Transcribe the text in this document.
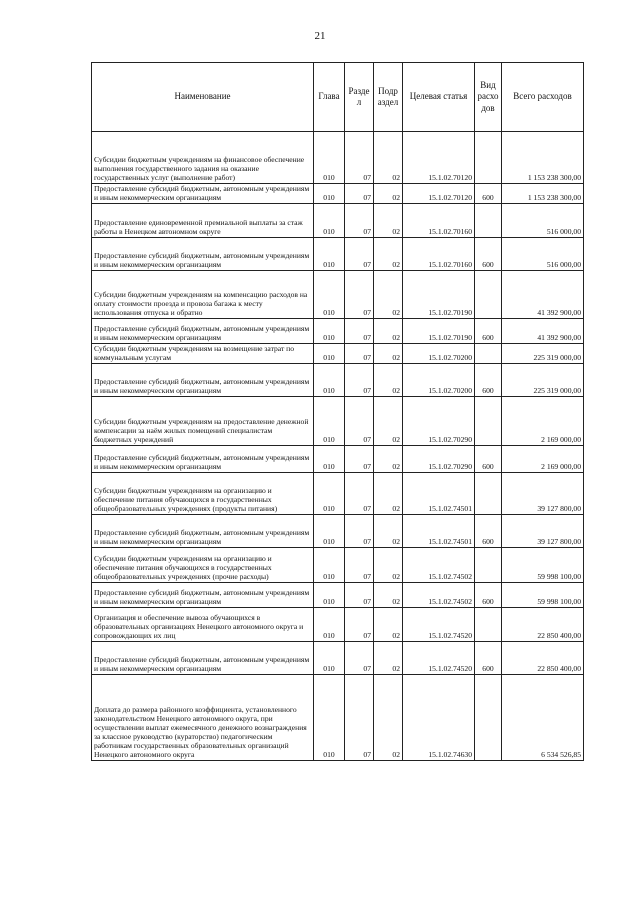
21
Наименование	Глава	Разде л	Подр аздел	Целевая статья	Вид расхо дов	Всего расходов
Субсидии бюджетным учреждениям на финансовое обеспечение выполнения государственного задания на оказание государственных услуг (выполнение работ)	010	07	02	15.1.02.70120		1 153 238 300,00
Предоставление субсидий бюджетным, автономным учреждениям и иным некоммерческим организациям	010	07	02	15.1.02.70120	600	1 153 238 300,00
Предоставление единовременной премиальной выплаты за стаж работы в Ненецком автономном округе	010	07	02	15.1.02.70160		516 000,00
Предоставление субсидий бюджетным, автономным учреждениям и иным некоммерческим организациям	010	07	02	15.1.02.70160	600	516 000,00
Субсидии бюджетным учреждениям на компенсацию расходов на оплату стоимости проезда и провоза багажа к месту использования отпуска и обратно	010	07	02	15.1.02.70190		41 392 900,00
Предоставление субсидий бюджетным, автономным учреждениям и иным некоммерческим организациям	010	07	02	15.1.02.70190	600	41 392 900,00
Субсидии бюджетным учреждениям на возмещение затрат по коммунальным услугам	010	07	02	15.1.02.70200		225 319 000,00
Предоставление субсидий бюджетным, автономным учреждениям и иным некоммерческим организациям	010	07	02	15.1.02.70200	600	225 319 000,00
Субсидии бюджетным учреждениям на предоставление денежной компенсации за наём жилых помещений специалистам бюджетных учреждений	010	07	02	15.1.02.70290		2 169 000,00
Предоставление субсидий бюджетным, автономным учреждениям и иным некоммерческим организациям	010	07	02	15.1.02.70290	600	2 169 000,00
Субсидии бюджетным учреждениям на организацию и обеспечение питания обучающихся в государственных общеобразовательных учреждениях (продукты питания)	010	07	02	15.1.02.74501		39 127 800,00
Предоставление субсидий бюджетным, автономным учреждениям и иным некоммерческим организациям	010	07	02	15.1.02.74501	600	39 127 800,00
Субсидии бюджетным учреждениям на организацию и обеспечение питания обучающихся в государственных общеобразовательных учреждениях (прочие расходы)	010	07	02	15.1.02.74502		59 998 100,00
Предоставление субсидий бюджетным, автономным учреждениям и иным некоммерческим организациям	010	07	02	15.1.02.74502	600	59 998 100,00
Организация и обеспечение вывоза обучающихся в образовательных организациях Ненецкого автономного округа и сопровождающих их лиц	010	07	02	15.1.02.74520		22 850 400,00
Предоставление субсидий бюджетным, автономным учреждениям и иным некоммерческим организациям	010	07	02	15.1.02.74520	600	22 850 400,00
Доплата до размера районного коэффициента, установленного законодательством Ненецкого автономного округа, при осуществлении выплат ежемесячного денежного вознаграждения за классное руководство (кураторство) педагогическим работникам государственных образовательных организаций Ненецкого автономного округа	010	07	02	15.1.02.74630		6 534 526,85
